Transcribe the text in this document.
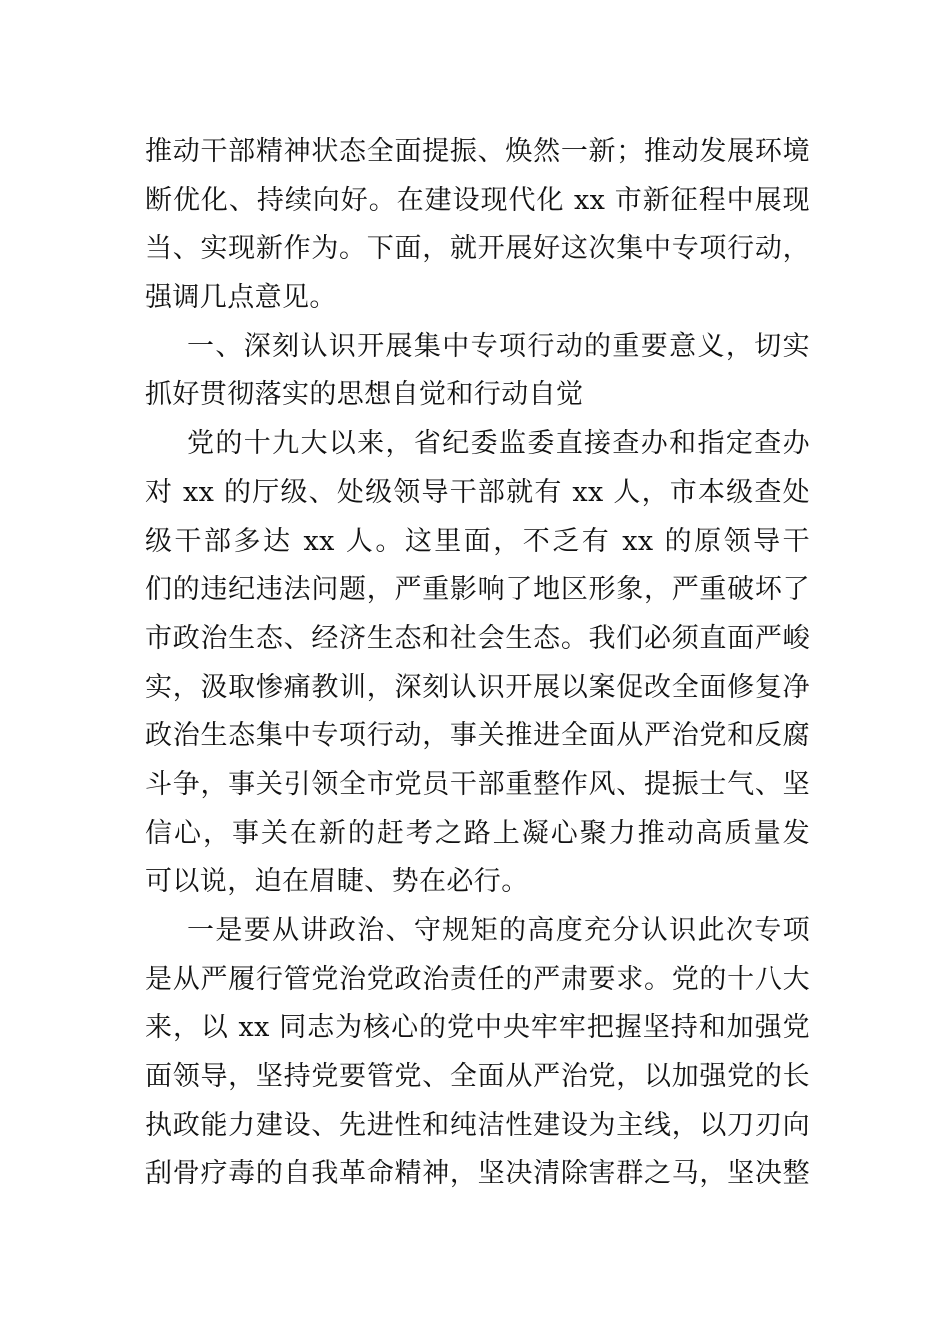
推动干部精神状态全面提振、焕然一新；推动发展环境
断优化、持续向好。在建设现代化 xx 市新征程中展现
当、实现新作为。下面，就开展好这次集中专项行动，
强调几点意见。
一、深刻认识开展集中专项行动的重要意义，切实
抓好贯彻落实的思想自觉和行动自觉
党的十九大以来，省纪委监委直接查办和指定查办
对 xx 的厅级、处级领导干部就有 xx 人，市本级查处
级干部多达 xx 人。这里面，不乏有 xx 的原领导干
们的违纪违法问题，严重影响了地区形象，严重破坏了
市政治生态、经济生态和社会生态。我们必须直面严峻
实，汲取惨痛教训，深刻认识开展以案促改全面修复净
政治生态集中专项行动，事关推进全面从严治党和反腐
斗争，事关引领全市党员干部重整作风、提振士气、坚
信心，事关在新的赶考之路上凝心聚力推动高质量发
可以说，迫在眉睫、势在必行。
一是要从讲政治、守规矩的高度充分认识此次专项
是从严履行管党治党政治责任的严肃要求。党的十八大
来，以 xx 同志为核心的党中央牢牢把握坚持和加强党
面领导，坚持党要管党、全面从严治党，以加强党的长
执政能力建设、先进性和纯洁性建设为主线，以刀刃向
刮骨疗毒的自我革命精神，坚决清除害群之马，坚决整
